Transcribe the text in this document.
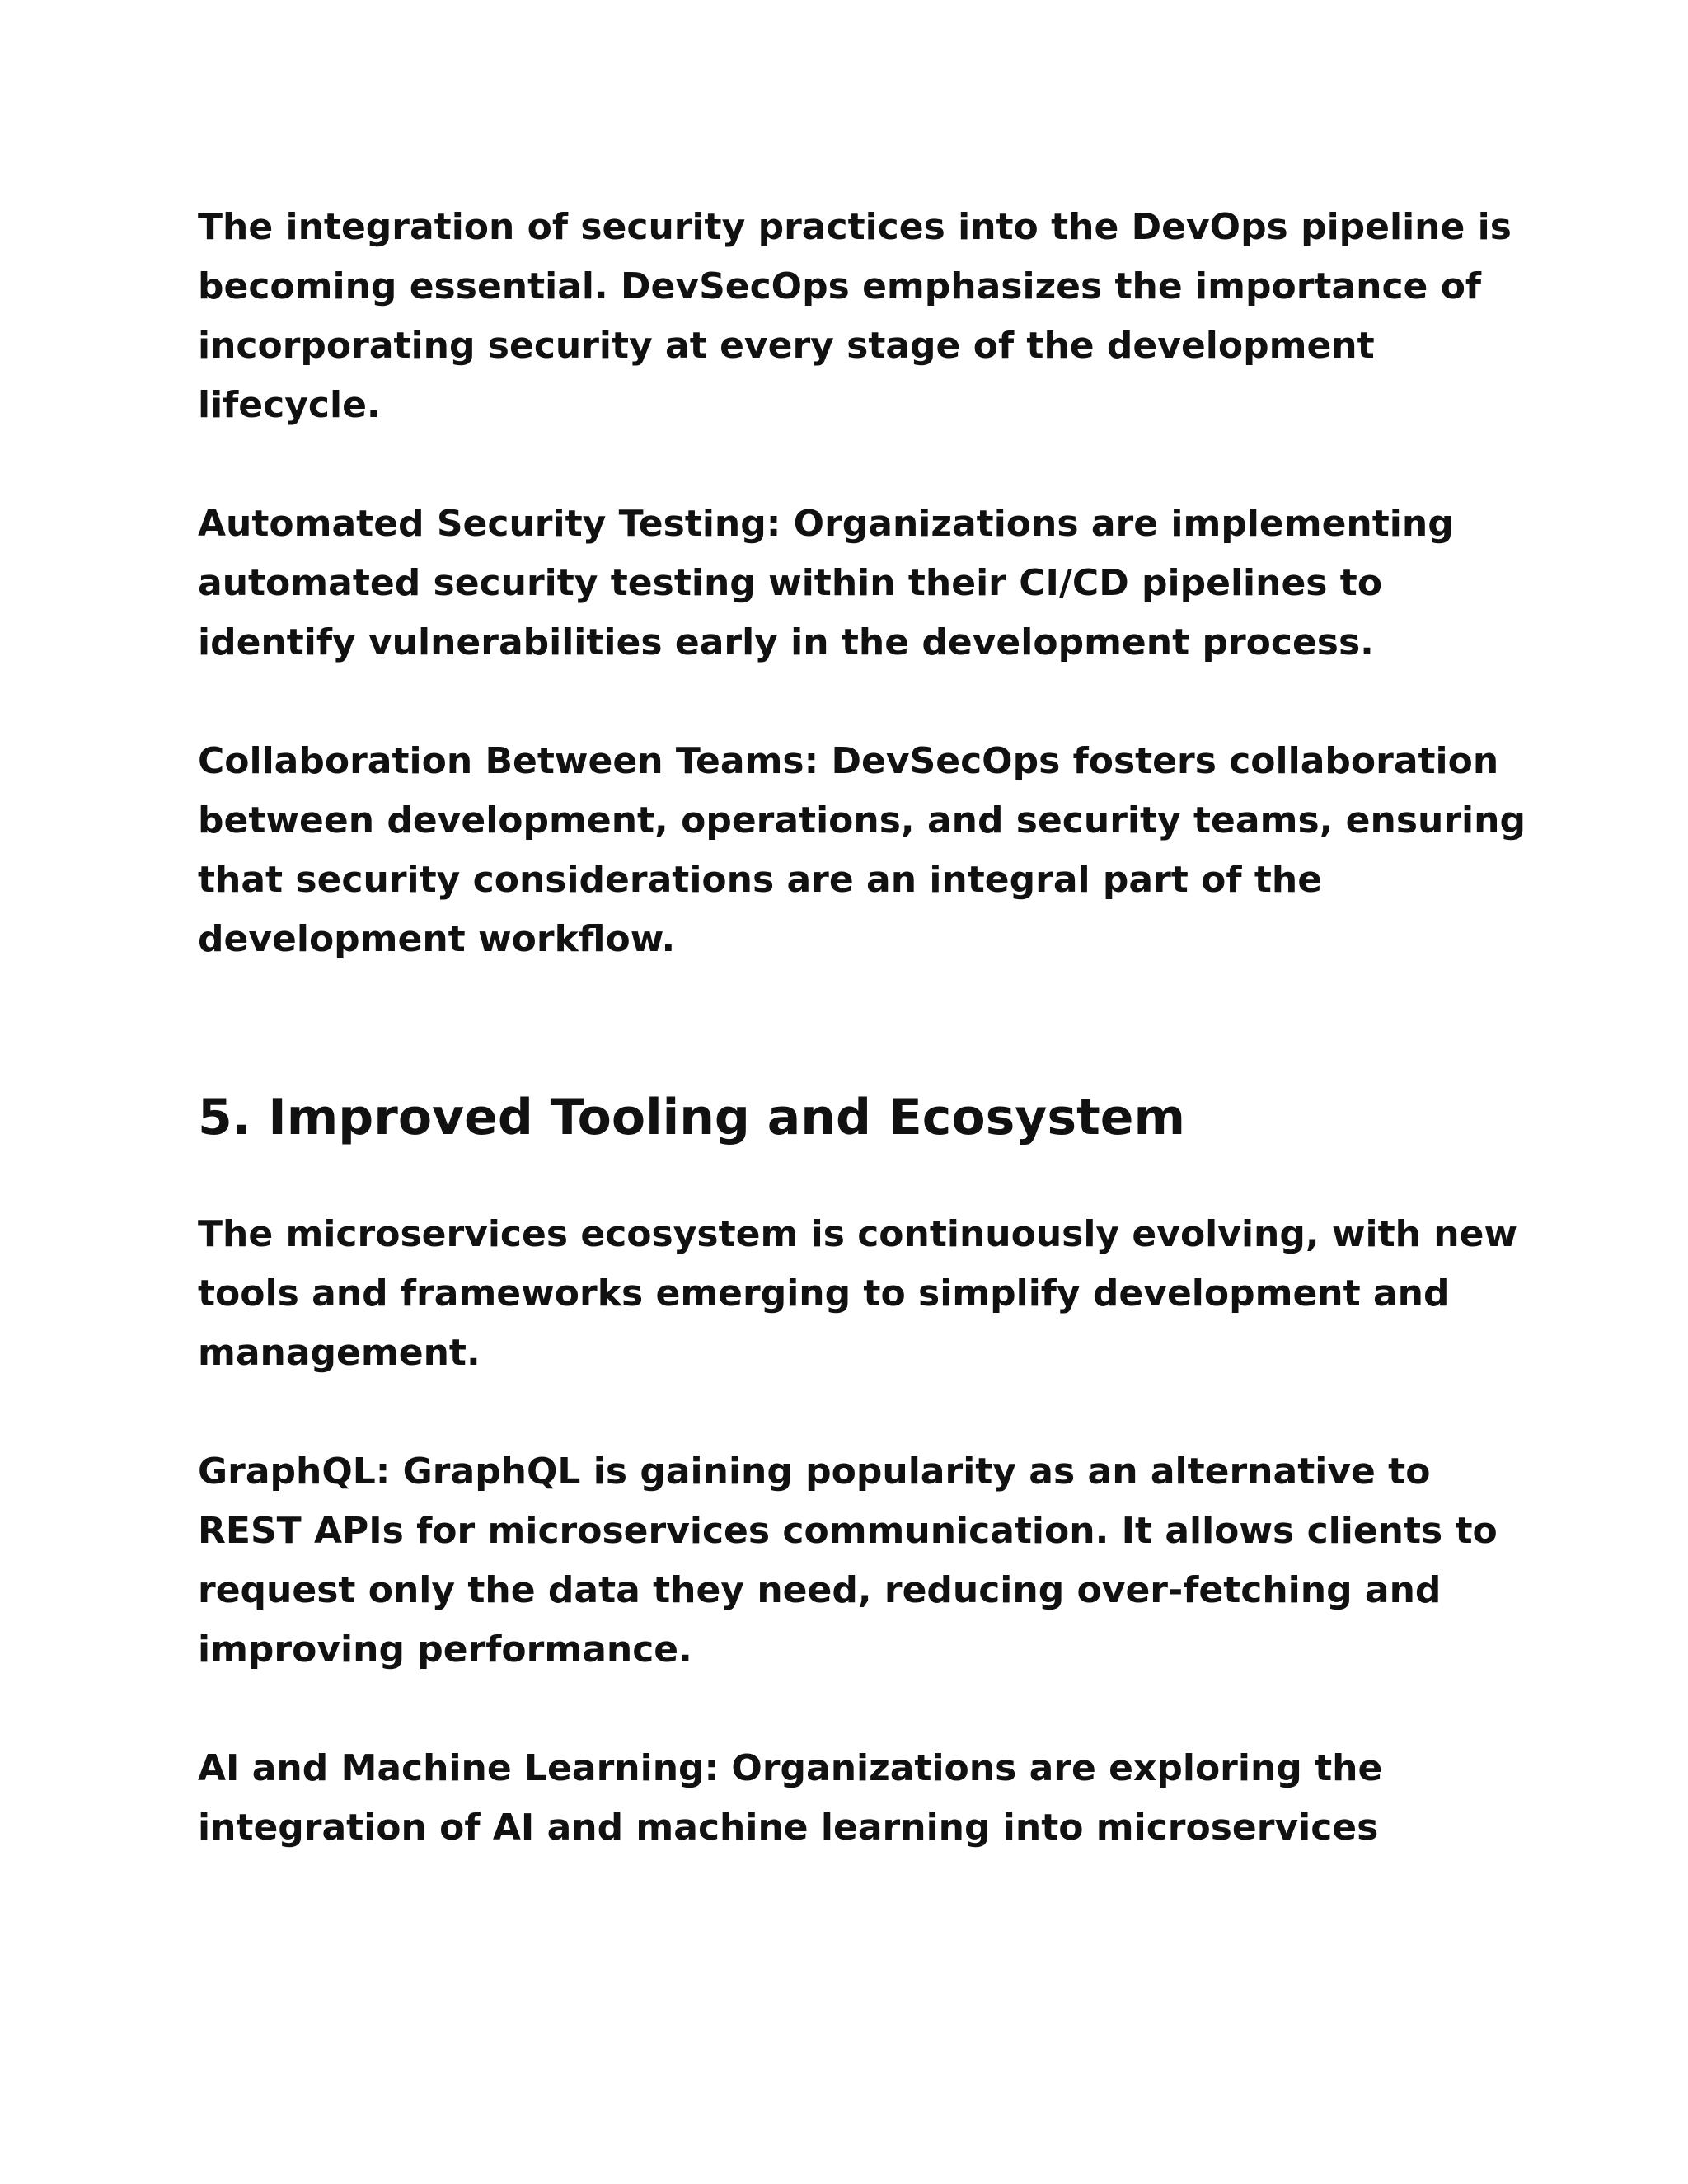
The integration of security practices into the DevOps pipeline is becoming essential. DevSecOps emphasizes the importance of incorporating security at every stage of the development lifecycle.

Automated Security Testing: Organizations are implementing automated security testing within their CI/CD pipelines to identify vulnerabilities early in the development process.

Collaboration Between Teams: DevSecOps fosters collaboration between development, operations, and security teams, ensuring that security considerations are an integral part of the development workflow.

5. Improved Tooling and Ecosystem

The microservices ecosystem is continuously evolving, with new tools and frameworks emerging to simplify development and management.

GraphQL: GraphQL is gaining popularity as an alternative to REST APIs for microservices communication. It allows clients to request only the data they need, reducing over-fetching and improving performance.

AI and Machine Learning: Organizations are exploring the integration of AI and machine learning into microservices
